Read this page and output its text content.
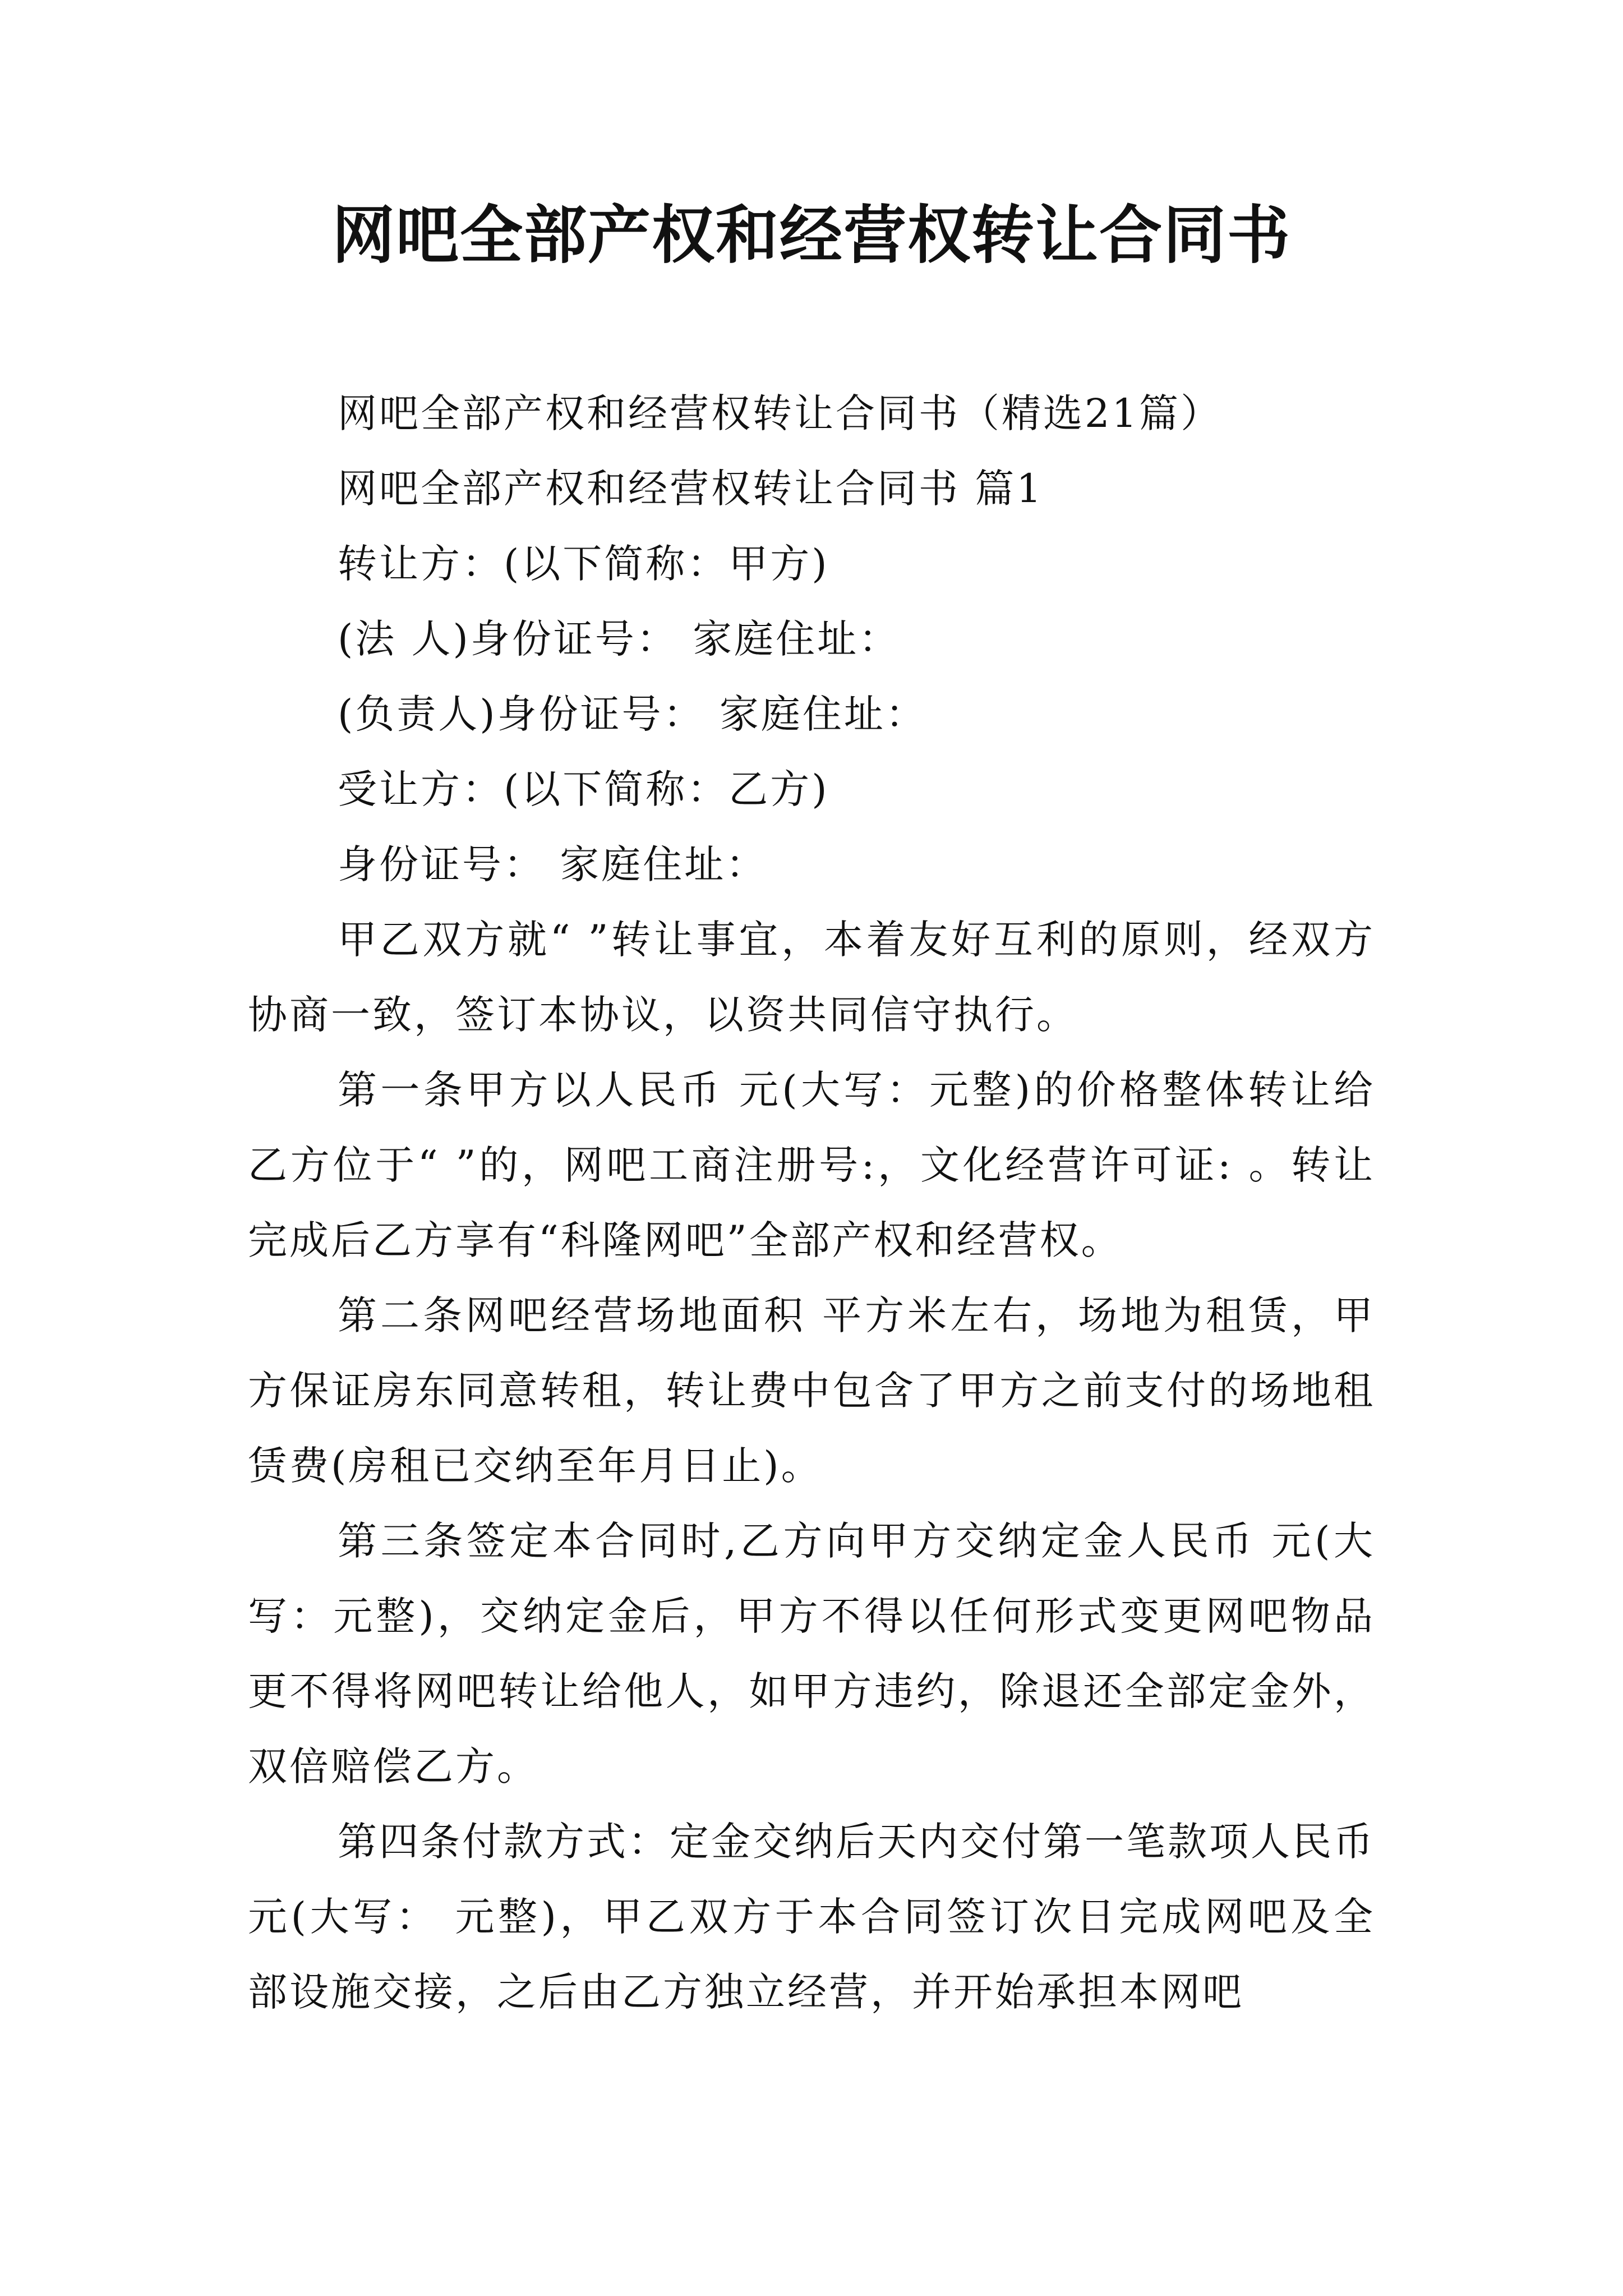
网吧全部产权和经营权转让合同书

网吧全部产权和经营权转让合同书（精选21篇）

网吧全部产权和经营权转让合同书 篇1

转让方：(以下简称：甲方)

(法 人)身份证号： 家庭住址：

(负责人)身份证号： 家庭住址：

受让方：(以下简称：乙方)

身份证号： 家庭住址：

甲乙双方就“ ”转让事宜，本着友好互利的原则，经双方协商一致，签订本协议，以资共同信守执行。

第一条甲方以人民币 元(大写：元整)的价格整体转让给乙方位于“ ”的，网吧工商注册号:，文化经营许可证: 。转让完成后乙方享有“科隆网吧”全部产权和经营权。

第二条网吧经营场地面积 平方米左右，场地为租赁，甲方保证房东同意转租，转让费中包含了甲方之前支付的场地租赁费(房租已交纳至年月日止)。

第三条签定本合同时,乙方向甲方交纳定金人民币 元(大写：元整)，交纳定金后，甲方不得以任何形式变更网吧物品更不得将网吧转让给他人，如甲方违约，除退还全部定金外，双倍赔偿乙方。

第四条付款方式：定金交纳后天内交付第一笔款项人民币 元(大写： 元整)，甲乙双方于本合同签订次日完成网吧及全部设施交接，之后由乙方独立经营，并开始承担本网吧
